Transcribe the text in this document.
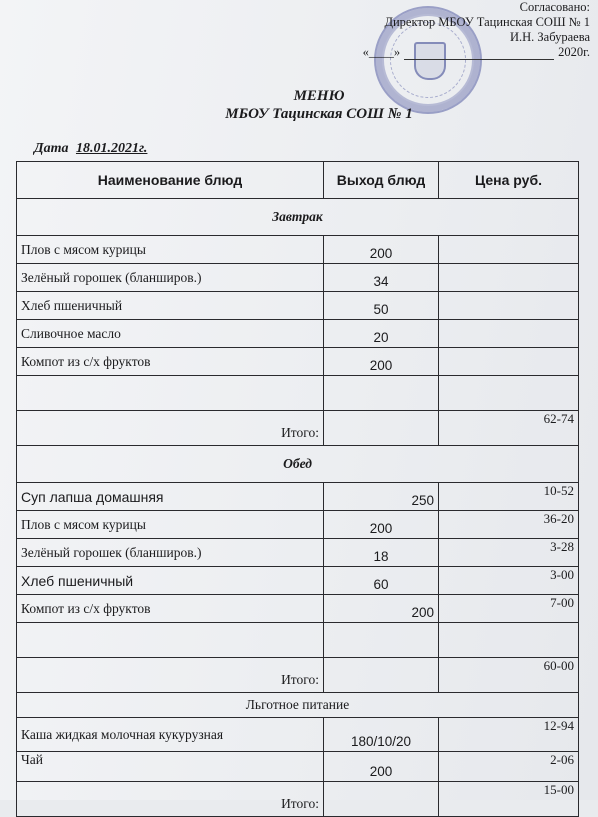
Согласовано:
Директор МБОУ Тацинская СОШ № 1
И.Н. Забураева
«____»	2020г.
МЕНЮ
МБОУ Тацинская СОШ № 1
Дата 18.01.2021г.
Наименование блюд	Выход блюд	Цена руб.
Завтрак		
Плов с мясом курицы	200	
Зелёный горошек (бланширов.)	34	
Хлеб пшеничный	50	
Сливочное масло	20	
Компот из с/х фруктов	200	

Итого:		62-74
Обед		
Суп лапша домашняя	250	10-52
Плов с мясом курицы	200	36-20
Зелёный горошек (бланширов.)	18	3-28
Хлеб пшеничный	60	3-00
Компот из с/х фруктов	200	7-00

Итого:		60-00
Льготное питание		
Каша жидкая молочная кукурузная	180/10/20	12-94
Чай	200	2-06
Итого:		15-00
